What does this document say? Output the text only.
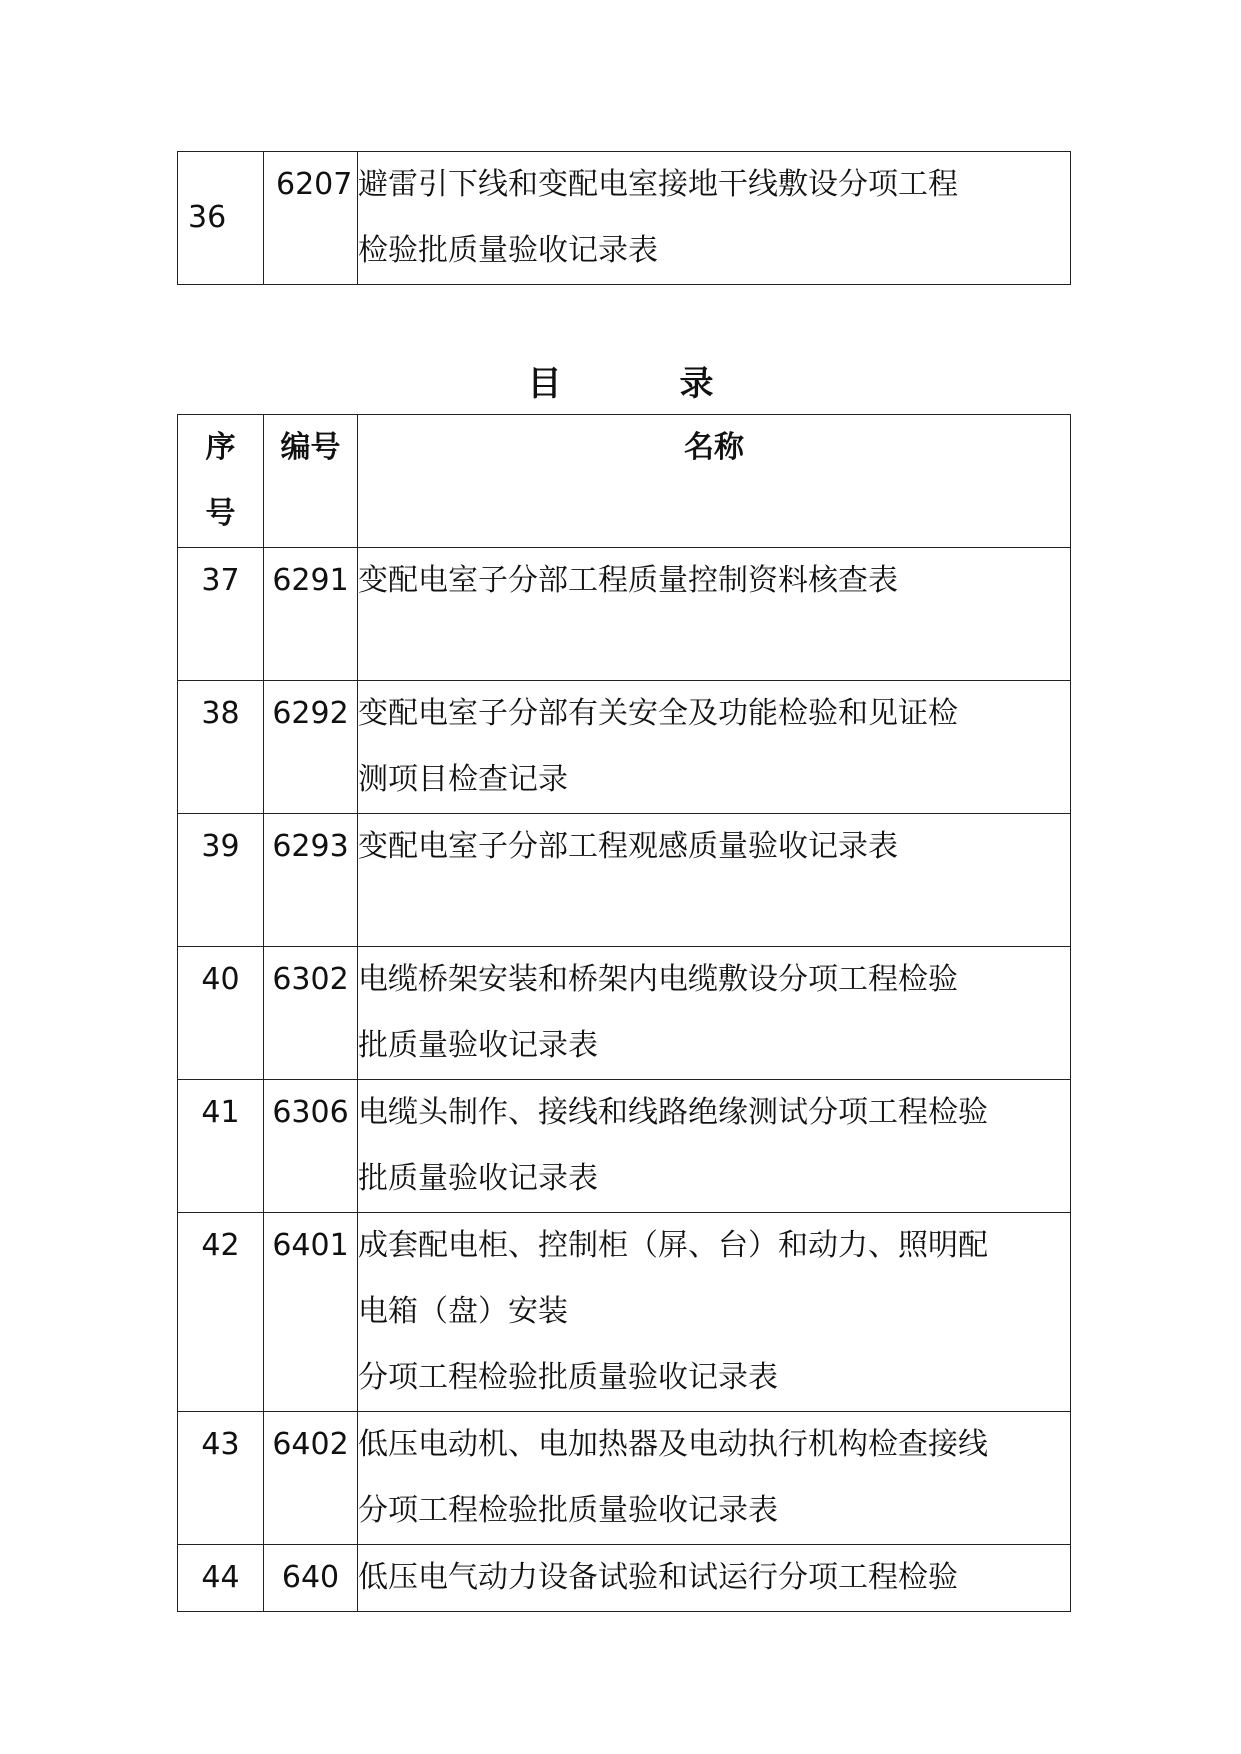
36	6207	避雷引下线和变配电室接地干线敷设分项工程
检验批质量验收记录表
目	录
序号	编号	名称
37	6291	变配电室子分部工程质量控制资料核查表

38	6292	变配电室子分部有关安全及功能检验和见证检
测项目检查记录

39	6293	变配电室子分部工程观感质量验收记录表

40	6302	电缆桥架安装和桥架内电缆敷设分项工程检验
批质量验收记录表

41	6306	电缆头制作、接线和线路绝缘测试分项工程检验
批质量验收记录表

42	6401	成套配电柜、控制柜（屏、台）和动力、照明配
电箱（盘）安装
分项工程检验批质量验收记录表

43	6402	低压电动机、电加热器及电动执行机构检查接线
分项工程检验批质量验收记录表

44	640	低压电气动力设备试验和试运行分项工程检验
